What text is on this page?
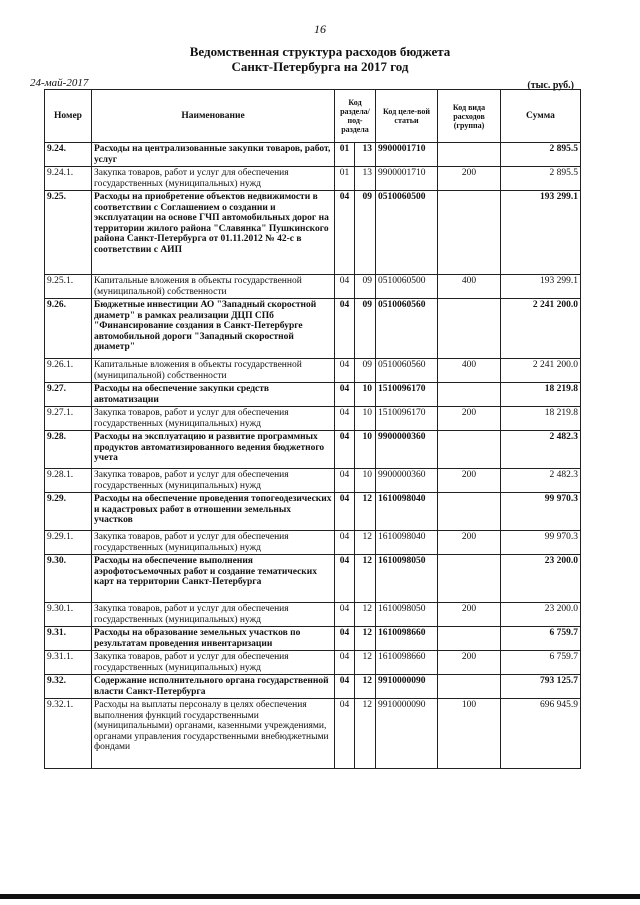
16
Ведомственная структура расходов бюджета
Санкт-Петербурга на 2017 год
24-май-2017	(тыс. руб.)
Номер	Наименование	Код раздела/ под-раздела		Код целе-вой статьи	Код вида расходов (группа)	Сумма
9.24.	Расходы на централизованные закупки товаров, работ, услуг	01	13	9900001710		2 895.5
9.24.1.	Закупка товаров, работ и услуг для обеспечения государственных (муниципальных) нужд	01	13	9900001710	200	2 895.5
9.25.	Расходы на приобретение объектов недвижимости в соответствии с Соглашением о создании и эксплуатации на основе ГЧП автомобильных дорог на территории жилого района "Славянка" Пушкинского района Санкт-Петербурга от 01.11.2012 № 42-с в соответствии с АИП	04	09	0510060500		193 299.1
9.25.1.	Капитальные вложения в объекты государственной (муниципальной) собственности	04	09	0510060500	400	193 299.1
9.26.	Бюджетные инвестиции АО "Западный скоростной диаметр" в рамках реализации ДЦП СПб "Финансирование создания в Санкт-Петербурге автомобильной дороги "Западный скоростной диаметр"	04	09	0510060560		2 241 200.0
9.26.1.	Капитальные вложения в объекты государственной (муниципальной) собственности	04	09	0510060560	400	2 241 200.0
9.27.	Расходы на обеспечение закупки средств автоматизации	04	10	1510096170		18 219.8
9.27.1.	Закупка товаров, работ и услуг для обеспечения государственных (муниципальных) нужд	04	10	1510096170	200	18 219.8
9.28.	Расходы на эксплуатацию и развитие программных продуктов автоматизированного ведения бюджетного учета	04	10	9900000360		2 482.3
9.28.1.	Закупка товаров, работ и услуг для обеспечения государственных (муниципальных) нужд	04	10	9900000360	200	2 482.3
9.29.	Расходы на обеспечение проведения топогеодезических и кадастровых работ в отношении земельных участков	04	12	1610098040		99 970.3
9.29.1.	Закупка товаров, работ и услуг для обеспечения государственных (муниципальных) нужд	04	12	1610098040	200	99 970.3
9.30.	Расходы на обеспечение выполнения аэрофотосъемочных работ и создание тематических карт на территории Санкт-Петербурга	04	12	1610098050		23 200.0
9.30.1.	Закупка товаров, работ и услуг для обеспечения государственных (муниципальных) нужд	04	12	1610098050	200	23 200.0
9.31.	Расходы на образование земельных участков по результатам проведения инвентаризации	04	12	1610098660		6 759.7
9.31.1.	Закупка товаров, работ и услуг для обеспечения государственных (муниципальных) нужд	04	12	1610098660	200	6 759.7
9.32.	Содержание исполнительного органа государственной власти Санкт-Петербурга	04	12	9910000090		793 125.7
9.32.1.	Расходы на выплаты персоналу в целях обеспечения выполнения функций государственными (муниципальными) органами, казенными учреждениями, органами управления государственными внебюджетными фондами	04	12	9910000090	100	696 945.9
